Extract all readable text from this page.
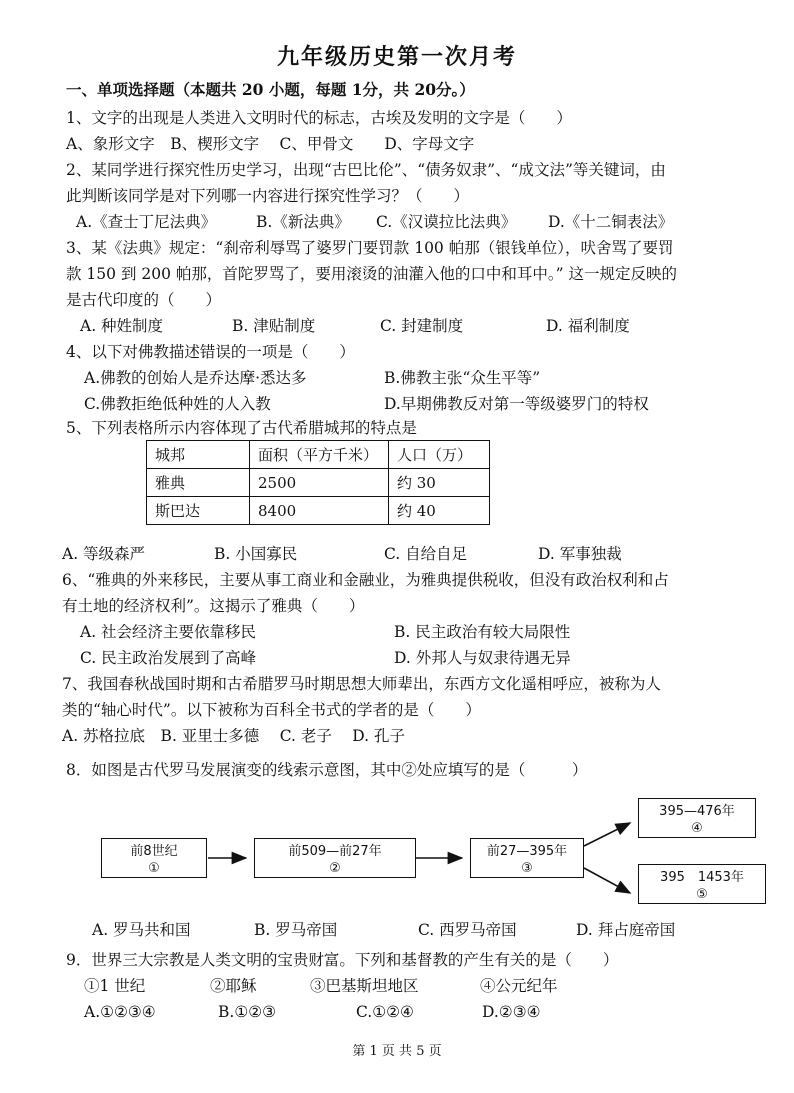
九年级历史第一次月考
一、单项选择题（本题共 20 小题，每题 1分，共 20分。）
1、文字的出现是人类进入文明时代的标志，古埃及发明的文字是（　　）
A、象形文字　B、楔形文字　 C、甲骨文　　D、字母文字
2、某同学进行探究性历史学习，出现“古巴比伦”、“债务奴隶”、“成文法”等关键词，由
此判断该同学是对下列哪一内容进行探究性学习？（　　）
A.《查士丁尼法典》	B.《新法典》 C.《汉谟拉比法典》 D.《十二铜表法》
3、某《法典》规定：“刹帝利辱骂了婆罗门要罚款 100 帕那（银钱单位），吠舍骂了要罚
款 150 到 200 帕那，首陀罗骂了，要用滚烫的油灌入他的口中和耳中。” 这一规定反映的
是古代印度的（　　）
A. 种姓制度	B. 津贴制度	C. 封建制度	D. 福利制度
4、以下对佛教描述错误的一项是（　　）
A.佛教的创始人是乔达摩·悉达多	B.佛教主张“众生平等”
C.佛教拒绝低种姓的人入教	D.早期佛教反对第一等级婆罗门的特权
5、下列表格所示内容体现了古代希腊城邦的特点是
城邦	面积（平方千米）	人口（万）
雅典	2500	约 30
斯巴达	8400	约 40
A. 等级森严	B. 小国寡民	C. 自给自足	D. 军事独裁
6、“雅典的外来移民，主要从事工商业和金融业，为雅典提供税收，但没有政治权利和占
有土地的经济权利”。这揭示了雅典（　　）
A. 社会经济主要依靠移民	B. 民主政治有较大局限性
C. 民主政治发展到了高峰	D. 外邦人与奴隶待遇无异
7、我国春秋战国时期和古希腊罗马时期思想大师辈出，东西方文化遥相呼应，被称为人
类的“轴心时代”。以下被称为百科全书式的学者的是（　　）
A. 苏格拉底　B. 亚里士多德　 C. 老子　 D. 孔子
8．如图是古代罗马发展演变的线索示意图，其中②处应填写的是（　　　）
前8世纪
①
前509—前27年
②
前27—395年
③
395—476年
④
395　1453年
⑤
A. 罗马共和国	B. 罗马帝国	C. 西罗马帝国	D. 拜占庭帝国
9．世界三大宗教是人类文明的宝贵财富。下列和基督教的产生有关的是（　　）
①1 世纪	②耶稣	③巴基斯坦地区	④公元纪年
A.①②③④	B.①②③	C.①②④	D.②③④
第 1 页 共 5 页
